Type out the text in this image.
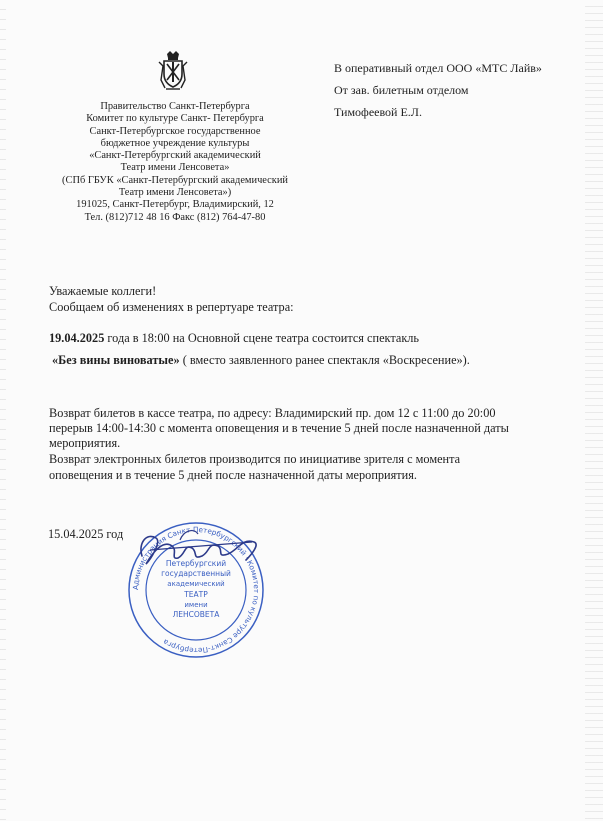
Правительство Санкт-Петербурга
Комитет по культуре Санкт- Петербурга
Санкт-Петербургское государственное
бюджетное учреждение культуры
«Санкт-Петербургский академический
Театр имени Ленсовета»
(СПб ГБУК «Санкт-Петербургский академический
Театр имени Ленсовета»)
191025, Санкт-Петербург, Владимирский, 12
Тел. (812)712 48 16 Факс (812) 764-47-80
В оперативный отдел ООО «МТС Лайв»
От зав. билетным отделом
Тимофеевой Е.Л.
Уважаемые коллеги!
Сообщаем об изменениях в репертуаре театра:
19.04.2025 года в 18:00 на Основной сцене театра состоится спектакль
«Без вины виноватые» ( вместо заявленного ранее спектакля «Воскресение»).
Возврат билетов в кассе театра, по адресу: Владимирский пр. дом 12 с 11:00 до 20:00
перерыв 14:00-14:30 с момента оповещения и в течение 5 дней после назначенной даты
мероприятия.
Возврат электронных билетов производится по инициативе зрителя с момента
оповещения и в течение 5 дней после назначенной даты мероприятия.
15.04.2025 год
Администрация Санкт-Петербургский · Комитет по культуре Санкт-Петербурга
Петербургский
государственный
академический
ТЕАТР
имени
ЛЕНСОВЕТА
